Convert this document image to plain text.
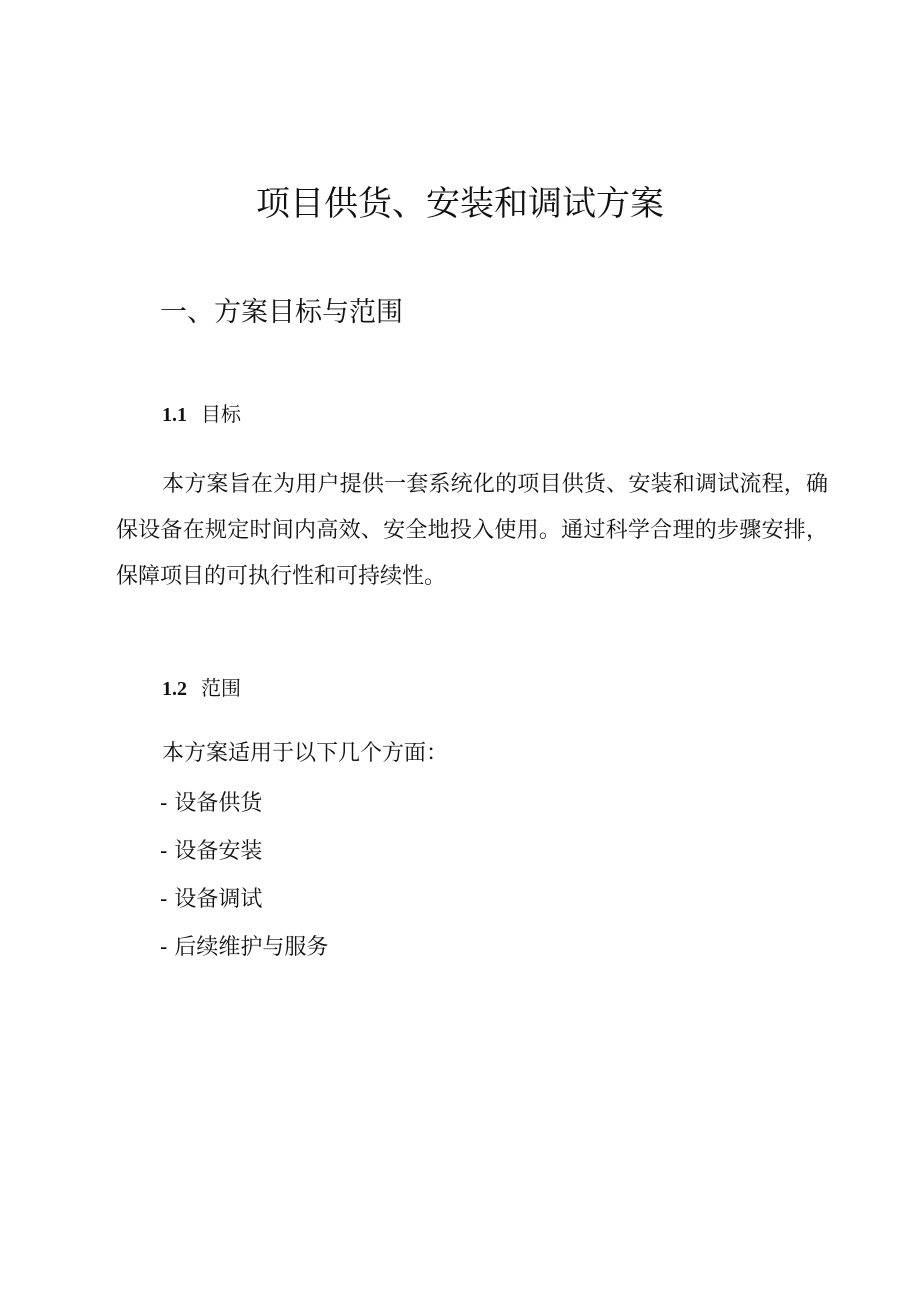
项目供货、安装和调试方案
一、方案目标与范围
1.1 目标

本方案旨在为用户提供一套系统化的项目供货、安装和调试流程，确保设备在规定时间内高效、安全地投入使用。通过科学合理的步骤安排，保障项目的可执行性和可持续性。

1.2 范围

本方案适用于以下几个方面：

- 设备供货
- 设备安装
- 设备调试
- 后续维护与服务
